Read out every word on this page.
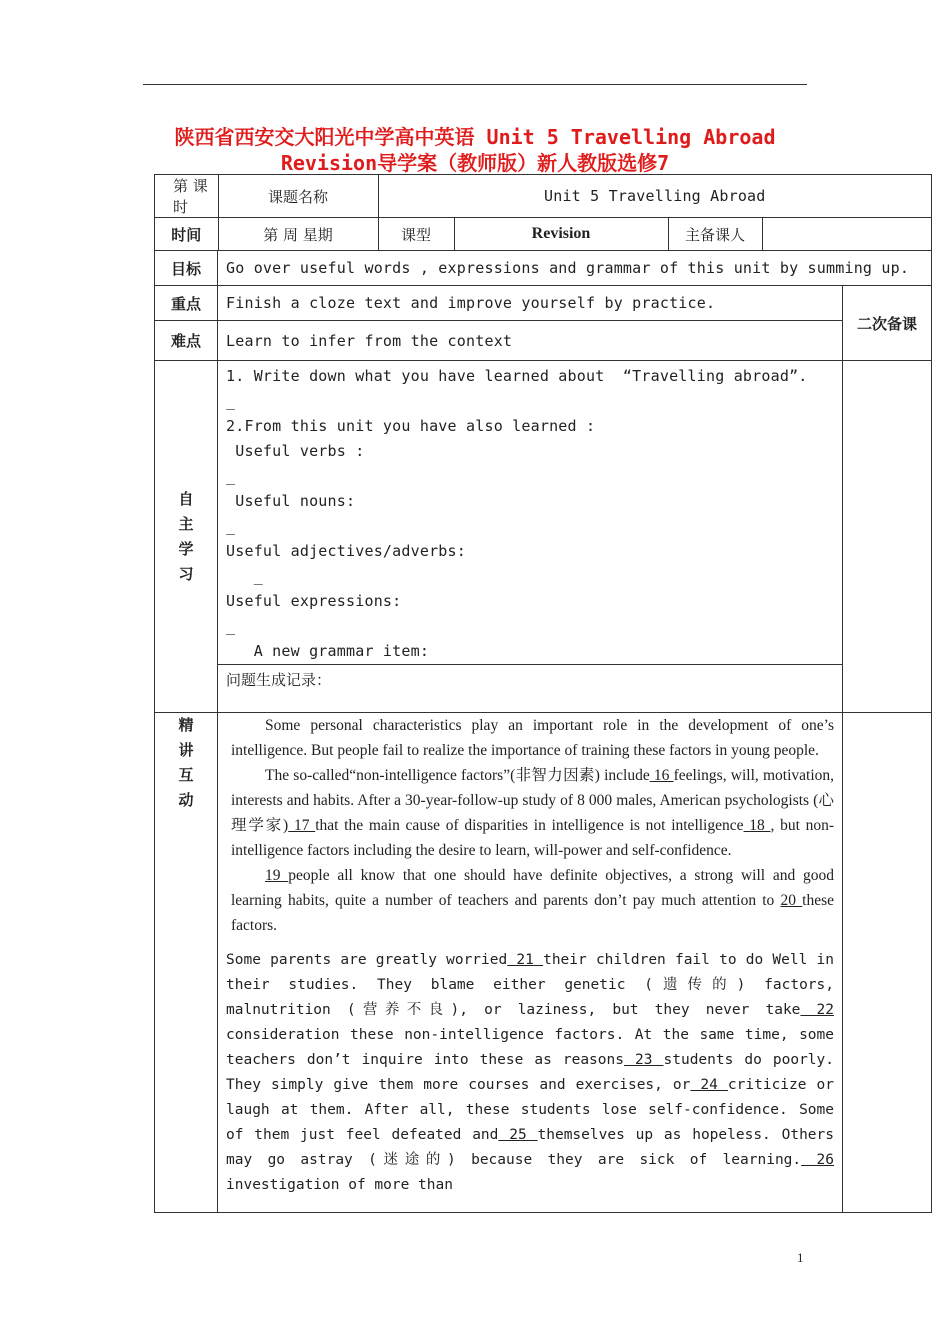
陕西省西安交大阳光中学高中英语 Unit 5 Travelling Abroad
Revision导学案（教师版）新人教版选修7
第 课时	课题名称	Unit 5 Travelling Abroad

时间	第 周 星期	课型	Revision	主备课人	

目标	Go over useful words , expressions and grammar of this unit by summing up.
重点	Finish a cloze text and improve yourself by practice.	二次备课
难点	Learn to infer from the context

自
主
学
习

1. Write down what you have learned about  “Travelling abroad”.
_
2.From this unit you have also learned :
Useful verbs :
_
Useful nouns:
_
Useful adjectives/adverbs:
_
Useful expressions:
_
A new grammar item:

问题生成记录：

精
讲
互
动

Some personal characteristics play an important role in the development of one’s intelligence. But people fail to realize the importance of training these factors in young people.
The so-called“non-intelligence factors”(非智力因素) include 16 feelings, will, motivation, interests and habits. After a 30-year-follow-up study of 8 000 males, American psychologists (心理学家) 17 that the main cause of disparities in intelligence is not intelligence 18 , but non-intelligence factors including the desire to learn, will-power and self-confidence.
19 people all know that one should have definite objectives, a strong will and good learning habits, quite a number of teachers and parents don’t pay much attention to 20 these factors.
Some parents are greatly worried 21 their children fail to do Well in their studies. They blame either genetic (遗传的) factors, malnutrition (营养不良), or laziness, but they never take 22 consideration these non-intelligence factors. At the same time, some teachers don’t inquire into these as reasons 23 students do poorly. They simply give them more courses and exercises, or 24 criticize or laugh at them. After all, these students lose self-confidence. Some of them just feel defeated and 25 themselves up as hopeless. Others may go astray (迷途的) because they are sick of learning. 26 investigation of more than

1
